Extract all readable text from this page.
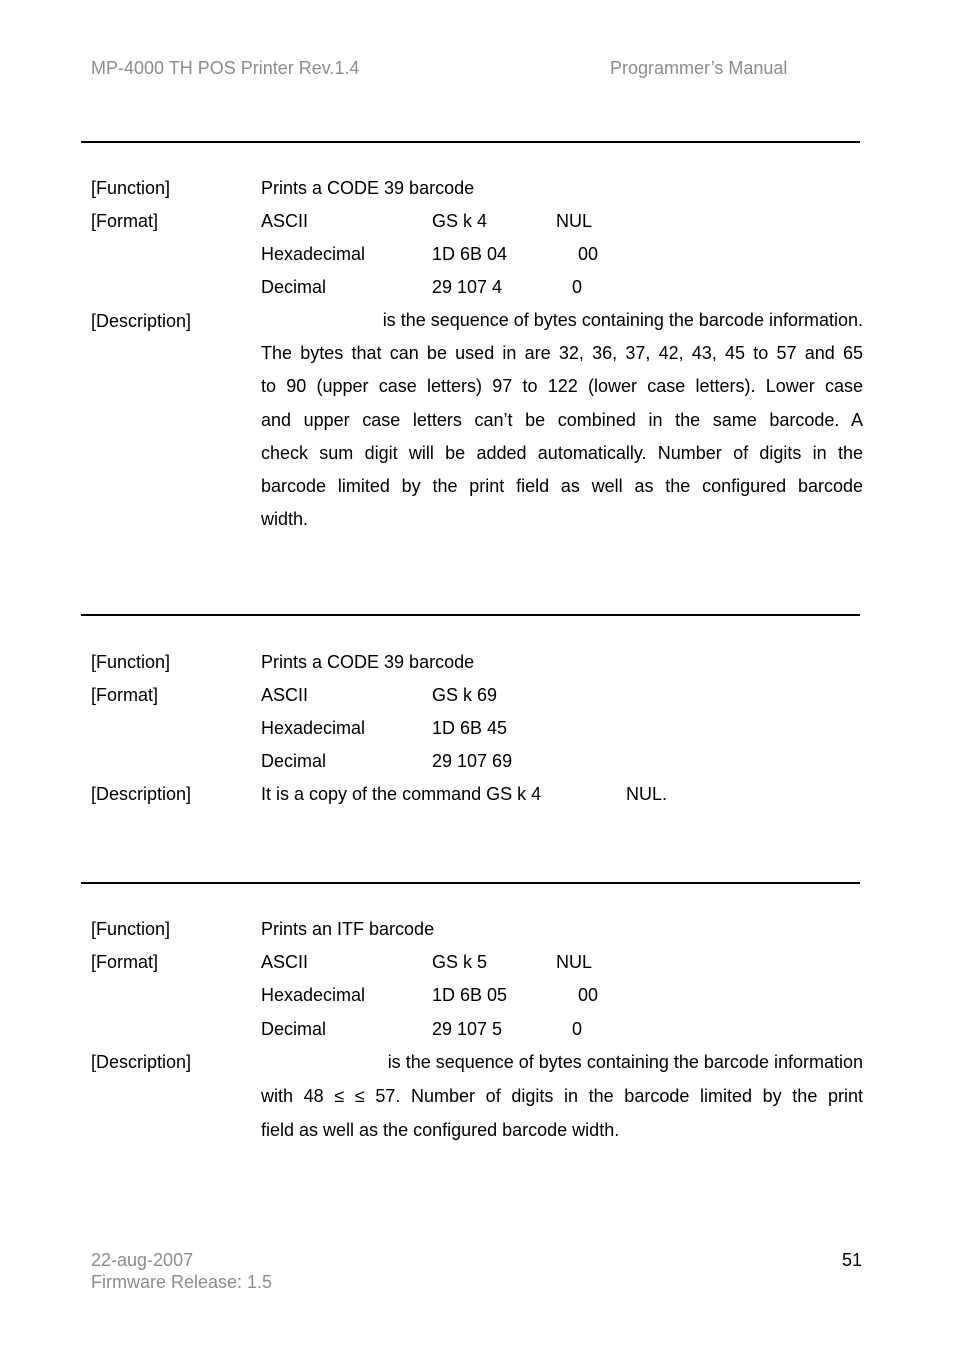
MP-4000 TH POS Printer Rev.1.4	Programmer’s Manual
[Function]	Prints a CODE 39 barcode
[Format]	ASCII	GS k 4	NUL
Hexadecimal	1D 6B 04	00
Decimal	29 107 4	0
[Description]	is the sequence of bytes containing the barcode information.

The bytes that can be used in are 32, 36, 37, 42, 43, 45 to 57 and 65

to 90 (upper case letters) 97 to 122 (lower case letters). Lower case

and upper case letters can’t be combined in the same barcode. A

check sum digit will be added automatically. Number of digits in the

barcode limited by the print field as well as the configured barcode

width.

[Function]	Prints a CODE 39 barcode
[Format]	ASCII	GS k 69
Hexadecimal	1D 6B 45
Decimal	29 107 69
[Description]	It is a copy of the command GS k 4	NUL.
[Function]	Prints an ITF barcode
[Format]	ASCII	GS k 5	NUL
Hexadecimal	1D 6B 05	00
Decimal	29 107 5	0
[Description]	is the sequence of bytes containing the barcode information

with 48 ≤ ≤ 57. Number of digits in the barcode limited by the print

field as well as the configured barcode width.

22-aug-2007
Firmware Release: 1.5
51
